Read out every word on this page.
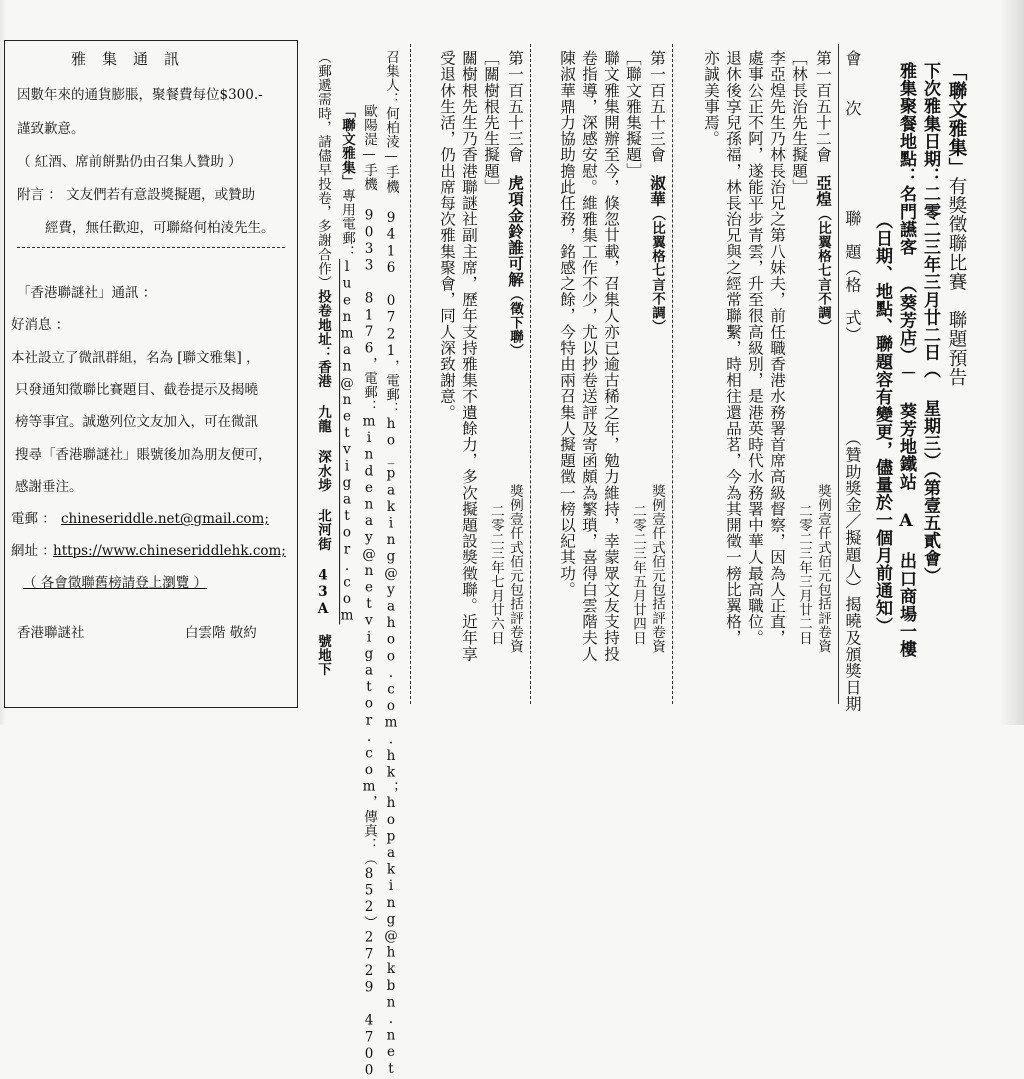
雅集通訊
因數年來的通貨膨脹，聚餐費每位$300.-
謹致歉意。
（ 紅酒、席前餅點仍由召集人贊助 ）
附言 ： 文友們若有意設獎擬題，或贊助
經費，無任歡迎，可聯絡何柏淩先生。
「香港聯謎社」通訊 ：
好消息 ：
本社設立了微訊群組，名為 [聯文雅集] ，
只發通知徵聯比賽題目、截卷提示及揭曉
榜等事宜。誠邀列位文友加入，可在微訊
搜尋「香港聯謎社」賬號後加為朋友便可，
感謝垂注。
電郵 ： chineseriddle.net@gmail.com;
網址 ：
https://www.chineseriddlehk.com;
（ 各會徵聯舊榜請登上瀏覽 ）
香港聯謎社	白雲階 敬約
「聯文雅集」有獎徵聯比賽　聯題預告
下次雅集日期：二零二三年三月廿二日（ 星期三）（第壹五貳會）
雅集聚餐地點：名門讌客 （葵芳店）－ 葵芳地鐵站 A 出口商場一樓
（日期、地點、聯題容有變更，儘量於一個月前通知）
會
次
聯　題（格　式）
（贊助獎金／擬題人）揭曉及頒獎日期
第一百五十二會亞煌（比翼格七言不調）
獎例壹仟式佰元包括評卷資
二零二三年三月廿二日
［林長治先生擬題］
李亞煌先生乃林長治兄之第八妹夫，前任職香港水務署首席高級督察，因為人正直，
處事公正不阿，遂能平步青雲，升至很高級別，是港英時代水務署中華人最高職位。
退休後享兒孫福，林長治兄與之經常聯繫，時相往還品茗，今為其開徵一榜比翼格，
亦誠美事焉。
第一百五十三會淑華（比翼格七言不調）
獎例壹仟式佰元包括評卷資
二零二三年五月廿四日
［聯文雅集擬題］
聯文雅集開辦至今，倏忽廿載，召集人亦已逾古稀之年，勉力維持，幸蒙眾文友支持投
卷指導，深感安慰。維雅集工作不少，尤以抄卷送評及寄函頗為繁瑣，喜得白雲階夫人
陳淑華鼎力協助擔此任務，銘感之餘，今特由兩召集人擬題徵一榜以紀其功。
第一百五十三會虎項金鈴誰可解（徵下聯）
獎例壹仟式佰元包括評卷資
二零二三年七月廿六日
［關樹根先生擬題］
關樹根先生乃香港聯謎社副主席，歷年支持雅集不遺餘力，多次擬題設獎徵聯。近年享
受退休生活，仍出席每次雅集聚會，同人深致謝意。
召集人：何柏淩—手機 9416 0721，電郵：ho_paking@yahoo.com.hk；hopaking@hkbn.net
歐陽湜—手機 9033 8176，電郵：mindenay@netvigator.com，傳真：（852）2729 4700
「聯文雅集」專用電郵：luenman@netvigator.com
（郵遞需時，請儘早投卷，多謝合作）投卷地址：香港 九龍 深水埗 北河街 43A 號地下
